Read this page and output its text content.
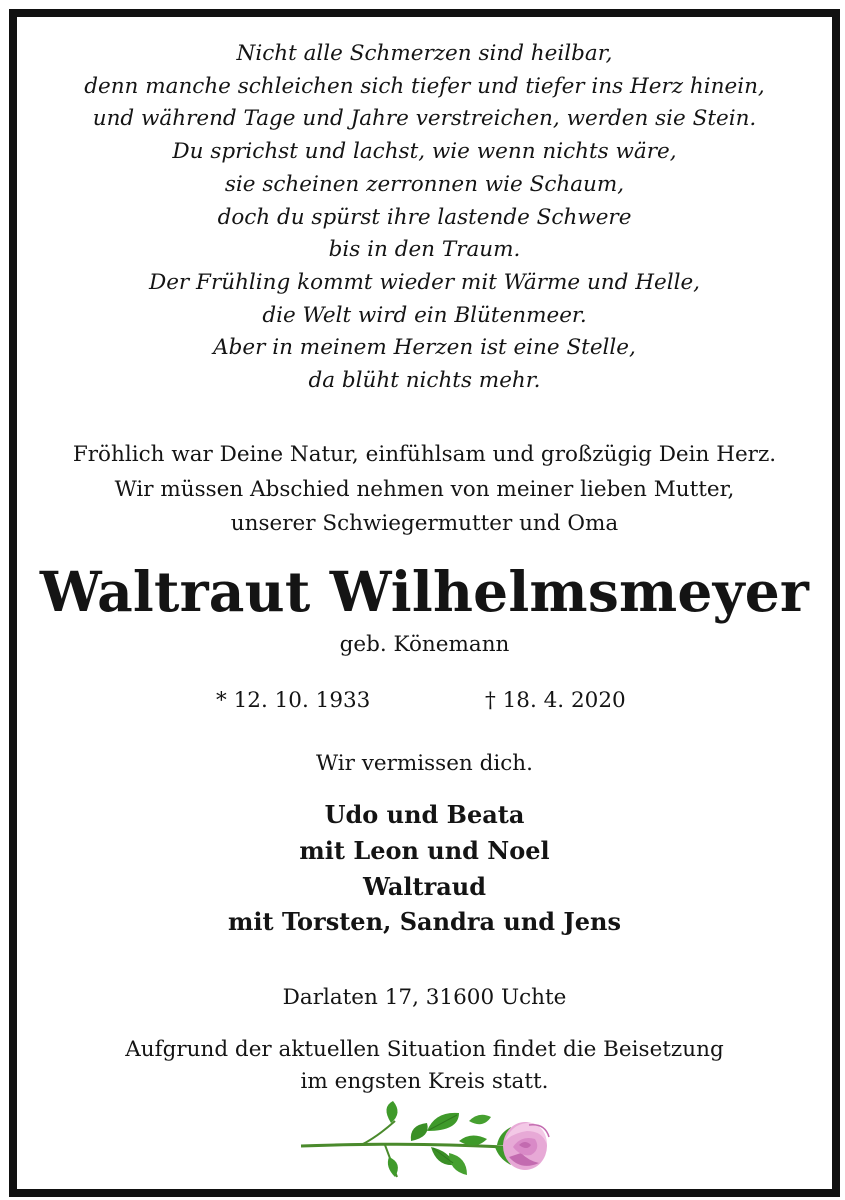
Nicht alle Schmerzen sind heilbar,
denn manche schleichen sich tiefer und tiefer ins Herz hinein,
und während Tage und Jahre verstreichen, werden sie Stein.
Du sprichst und lachst, wie wenn nichts wäre,
sie scheinen zerronnen wie Schaum,
doch du spürst ihre lastende Schwere
bis in den Traum.
Der Frühling kommt wieder mit Wärme und Helle,
die Welt wird ein Blütenmeer.
Aber in meinem Herzen ist eine Stelle,
da blüht nichts mehr.
Fröhlich war Deine Natur, einfühlsam und großzügig Dein Herz.
Wir müssen Abschied nehmen von meiner lieben Mutter,
unserer Schwiegermutter und Oma
Waltraut Wilhelmsmeyer
geb. Könemann
* 12. 10. 1933	† 18. 4. 2020
Wir vermissen dich.
Udo und Beata
mit Leon und Noel
Waltraud
mit Torsten, Sandra und Jens
Darlaten 17, 31600 Uchte
Aufgrund der aktuellen Situation findet die Beisetzung
im engsten Kreis statt.
